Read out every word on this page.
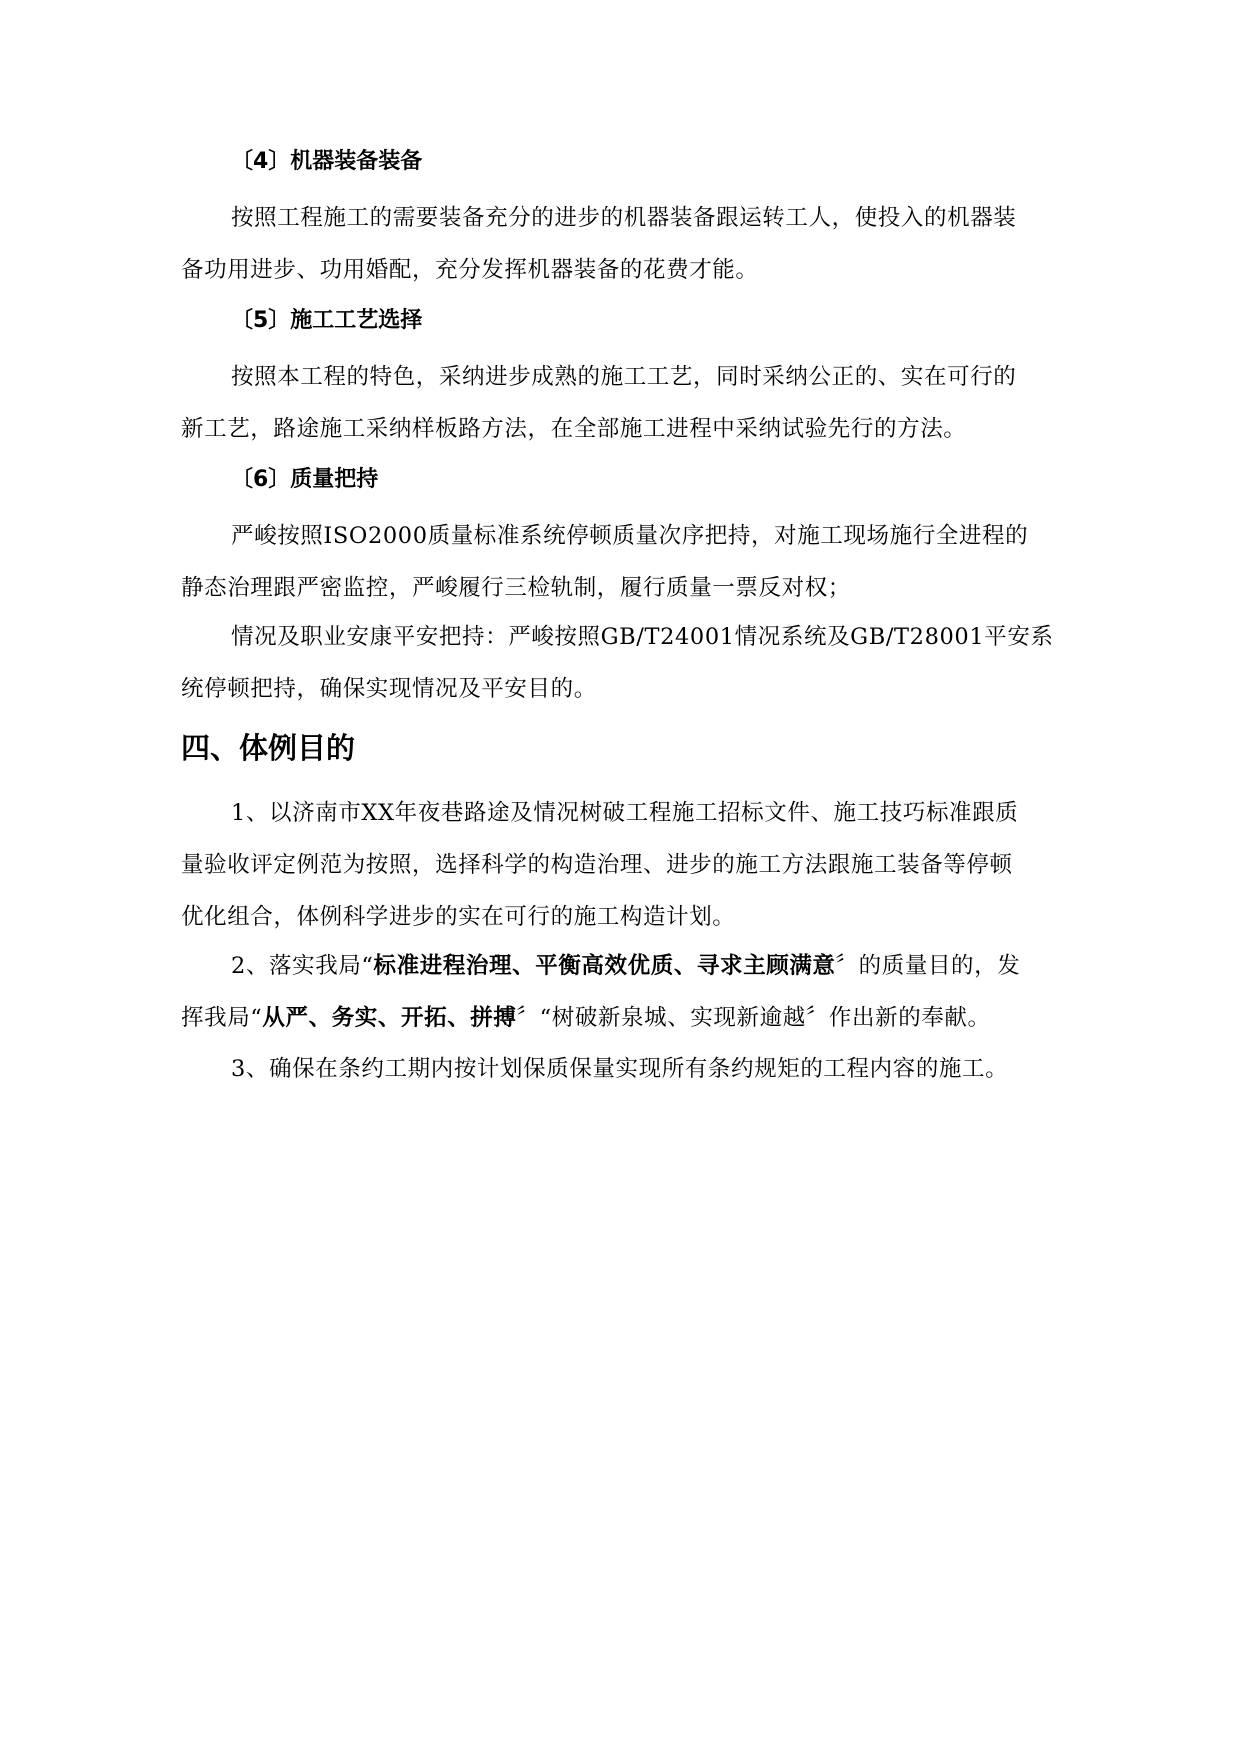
〔4〕机器装备装备
按照工程施工的需要装备充分的进步的机器装备跟运转工人，使投入的机器装
备功用进步、功用婚配，充分发挥机器装备的花费才能。
〔5〕施工工艺选择
按照本工程的特色，采纳进步成熟的施工工艺，同时采纳公正的、实在可行的
新工艺，路途施工采纳样板路方法，在全部施工进程中采纳试验先行的方法。
〔6〕质量把持
严峻按照ISO2000质量标准系统停顿质量次序把持，对施工现场施行全进程的
静态治理跟严密监控，严峻履行三检轨制，履行质量一票反对权；
情况及职业安康平安把持：严峻按照GB/T24001情况系统及GB/T28001平安系
统停顿把持，确保实现情况及平安目的。
四、体例目的
1、以济南市XX年夜巷路途及情况树破工程施工招标文件、施工技巧标准跟质
量验收评定例范为按照，选择科学的构造治理、进步的施工方法跟施工装备等停顿
优化组合，体例科学进步的实在可行的施工构造计划。
2、落实我局“标准进程治理、平衡高效优质、寻求主顾满意〞的质量目的，发
挥我局“从严、务实、开拓、拼搏〞“树破新泉城、实现新逾越〞作出新的奉献。
3、确保在条约工期内按计划保质保量实现所有条约规矩的工程内容的施工。
